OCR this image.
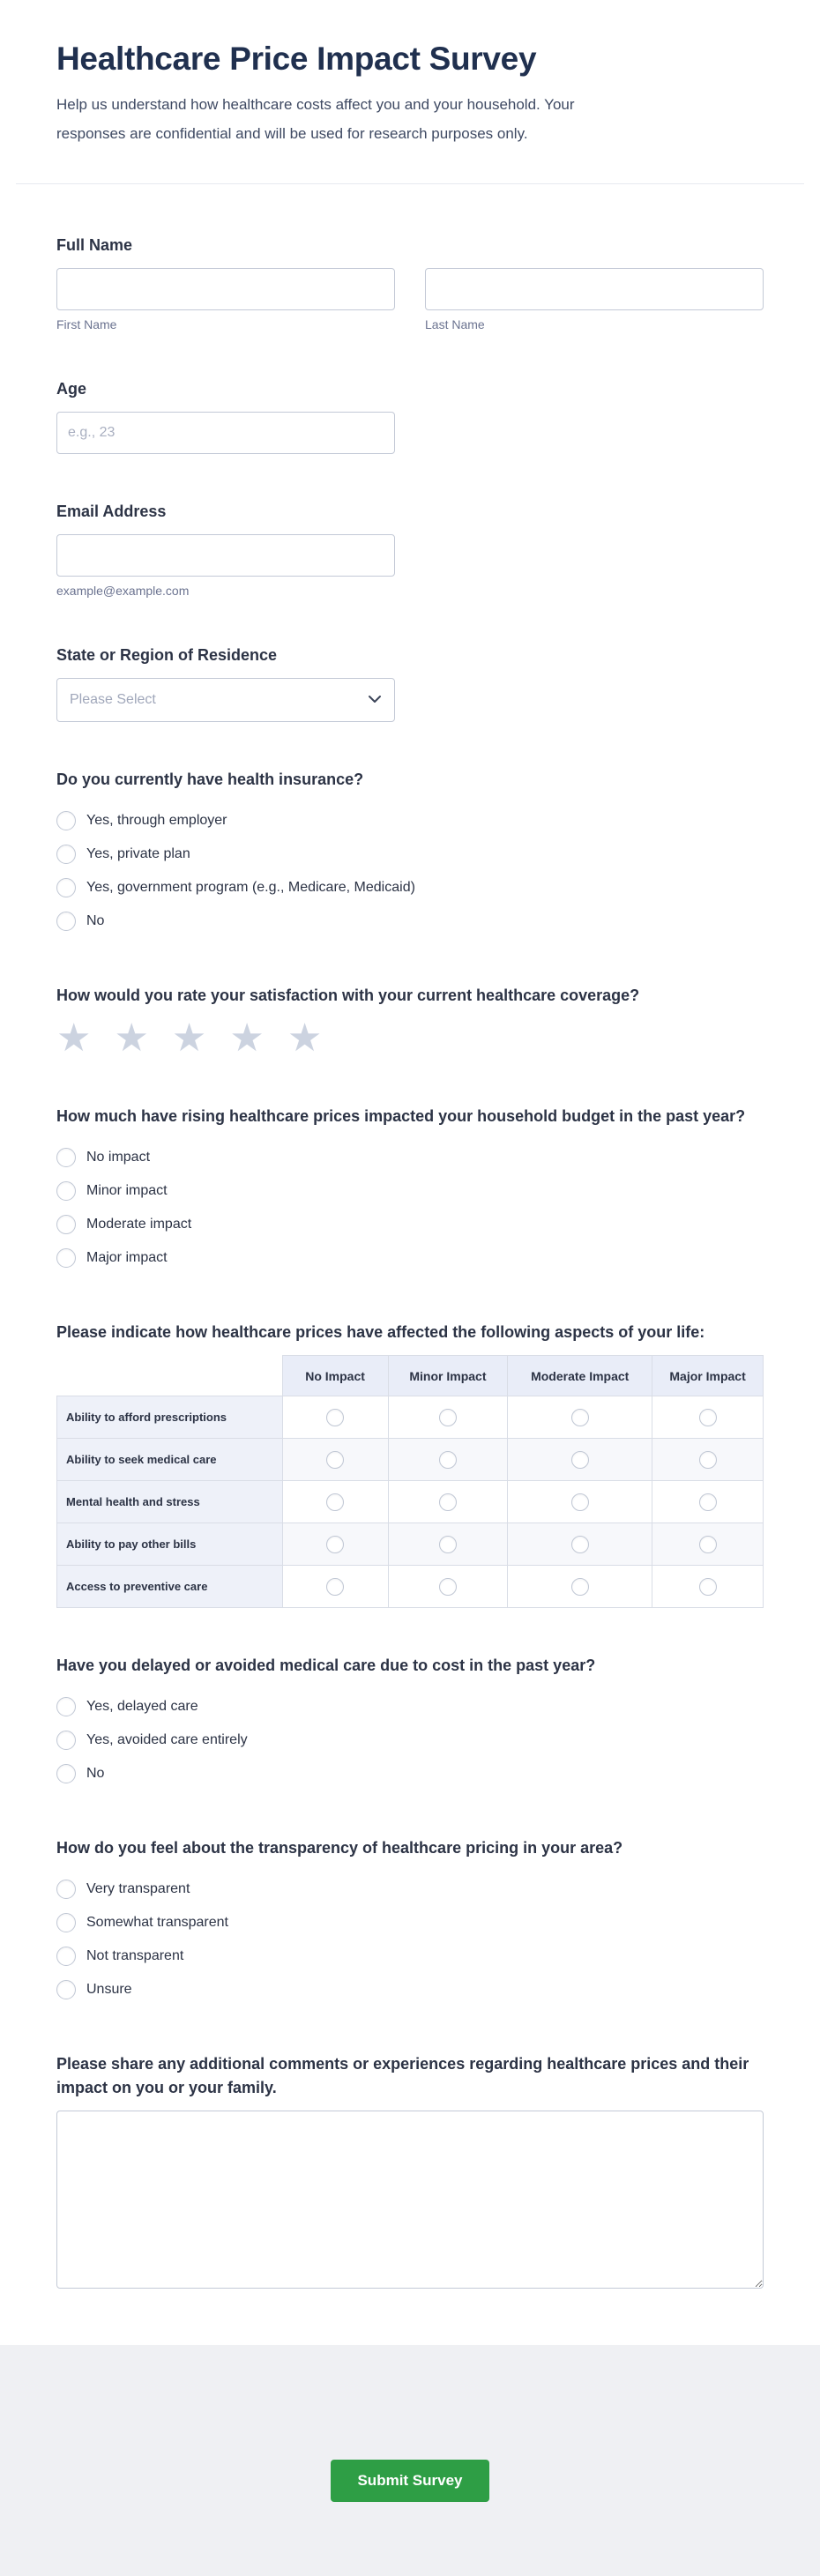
Healthcare Price Impact Survey

Help us understand how healthcare costs affect you and your household. Your responses are confidential and will be used for research purposes only.

Full Name
First Name	Last Name
Age
e.g., 23
Email Address
example@example.com
State or Region of Residence
Please Select
Do you currently have health insurance?
Yes, through employer
Yes, private plan
Yes, government program (e.g., Medicare, Medicaid)
No
How would you rate your satisfaction with your current healthcare coverage?
★ ★ ★ ★ ★
How much have rising healthcare prices impacted your household budget in the past year?
No impact
Minor impact
Moderate impact
Major impact
Please indicate how healthcare prices have affected the following aspects of your life:
	No Impact	Minor Impact	Moderate Impact	Major Impact
Ability to afford prescriptions				
Ability to seek medical care				
Mental health and stress				
Ability to pay other bills				
Access to preventive care				
Have you delayed or avoided medical care due to cost in the past year?
Yes, delayed care
Yes, avoided care entirely
No
How do you feel about the transparency of healthcare pricing in your area?
Very transparent
Somewhat transparent
Not transparent
Unsure
Please share any additional comments or experiences regarding healthcare prices and their impact on you or your family.
Submit Survey
